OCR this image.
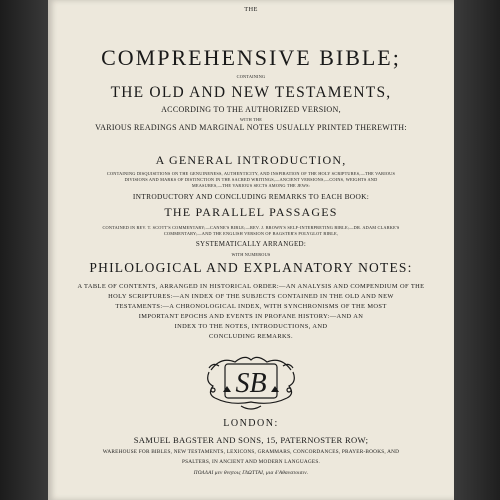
THE

COMPREHENSIVE BIBLE;

CONTAINING

THE OLD AND NEW TESTAMENTS,

ACCORDING TO THE AUTHORIZED VERSION,

WITH THE

VARIOUS READINGS AND MARGINAL NOTES USUALLY PRINTED THEREWITH:

A GENERAL INTRODUCTION,

CONTAINING DISQUISITIONS ON THE GENUINENESS, AUTHENTICITY, AND INSPIRATION OF THE HOLY SCRIPTURES,—THE VARIOUS

DIVISIONS AND MARKS OF DISTINCTION IN THE SACRED WRITINGS,—ANCIENT VERSIONS,—COINS, WEIGHTS AND

MEASURES,—THE VARIOUS SECTS AMONG THE JEWS:

INTRODUCTORY AND CONCLUDING REMARKS TO EACH BOOK:

THE PARALLEL PASSAGES

CONTAINED IN REV. T. SCOTT'S COMMENTARY;—CANNE'S BIBLE;—REV. J. BROWN'S SELF-INTERPRETING BIBLE;—DR. ADAM CLARKE'S

COMMENTARY;—AND THE ENGLISH VERSION OF BAGSTER'S POLYGLOT BIBLE,

SYSTEMATICALLY ARRANGED:

WITH NUMEROUS

PHILOLOGICAL AND EXPLANATORY NOTES:

A TABLE OF CONTENTS, ARRANGED IN HISTORICAL ORDER:—AN ANALYSIS AND COMPENDIUM OF THE

HOLY SCRIPTURES:—AN INDEX OF THE SUBJECTS CONTAINED IN THE OLD AND NEW

TESTAMENTS:—A CHRONOLOGICAL INDEX, WITH SYNCHRONISMS OF THE MOST

IMPORTANT EPOCHS AND EVENTS IN PROFANE HISTORY:—AND AN

INDEX TO THE NOTES, INTRODUCTIONS, AND

CONCLUDING REMARKS.

SB

LONDON:

SAMUEL BAGSTER AND SONS, 15, PATERNOSTER ROW;

WAREHOUSE FOR BIBLES, NEW TESTAMENTS, LEXICONS, GRAMMARS, CONCORDANCES, PRAYER-BOOKS, AND

PSALTERS, IN ANCIENT AND MODERN LANGUAGES.

ΠΟΛΛΑΙ μεν θνητοις ΓΛΩΤΤΑΙ, μια δ'Αθανατοισιν.
